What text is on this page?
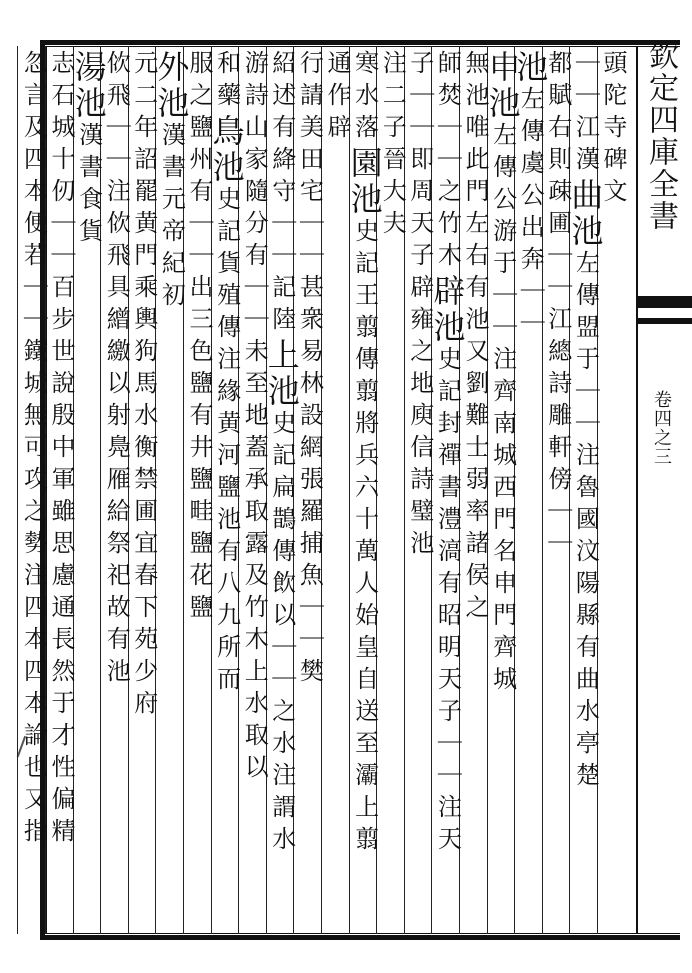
欽定四庫全書
卷四之三
頭陀寺碑文
｜｜江漢曲池左傳盟于｜｜注魯國汶陽縣有曲水亭楚
都賦右則疎圃｜｜江總詩雕軒傍｜｜
池左傳虞公出奔｜｜
申池左傳公游于｜｜注齊南城西門名申門齊城
無池唯此門左右有池又劉難士弱率諸侯之
師焚｜｜之竹木辟池史記封禪書澧滈有昭明天子｜｜注天
子｜｜即周天子辟雍之地庾信詩璧池
注二子晉大夫
寒水落園池史記王翦傳翦將兵六十萬人始皇自送至灞上翦
通作辟
行請美田宅｜｜甚衆易林設網張羅捕魚｜｜樊
紹述有絳守｜｜記陸上池史記扁鵲傳飲以｜｜之水注謂水
游詩山家隨分有｜｜未至地蓋承取露及竹木上水取以
和藥鳥池史記貨殖傳注緣黄河鹽池有八九所而
服之鹽州有｜｜出三色鹽有井鹽畦鹽花鹽
外池漢書元帝紀初
元二年詔罷黄門乘輿狗馬水衡禁圃宜春下苑少府
佽飛｜｜注佽飛具繒繳以射鳧雁給祭祀故有池
湯池漢書食貨
志石城十仞｜｜百步世說殷中軍雖思慮通長然于才性偏精
忽言及四本便若｜｜鐵城無可攻之勢注四本四本論也又指
